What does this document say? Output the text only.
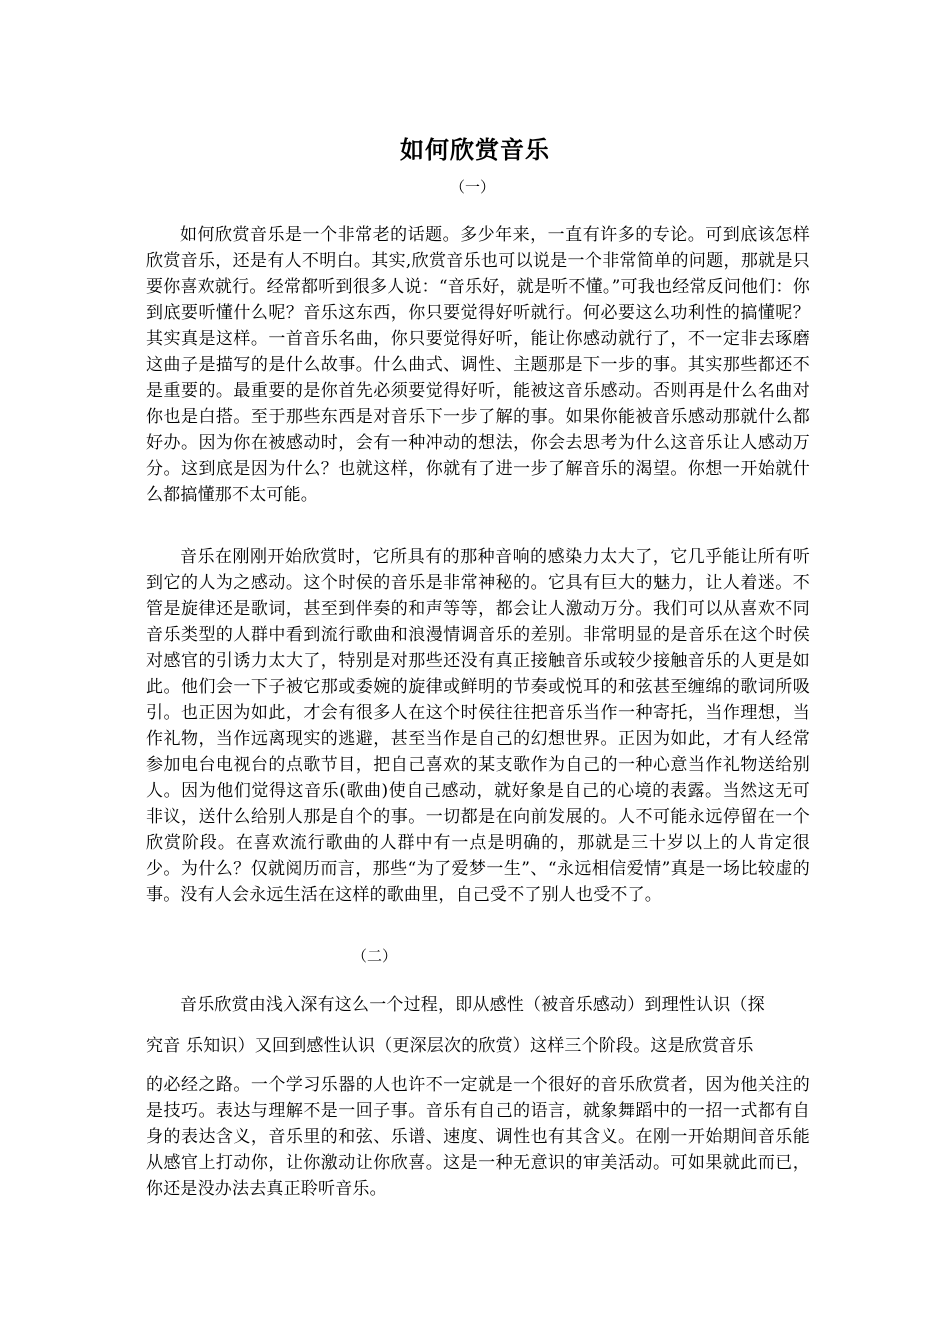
如何欣赏音乐
（一）

如何欣赏音乐是一个非常老的话题。多少年来，一直有许多的专论。可到底该怎样欣赏音乐，还是有人不明白。其实,欣赏音乐也可以说是一个非常简单的问题，那就是只要你喜欢就行。经常都听到很多人说：“音乐好，就是听不懂。”可我也经常反问他们：你到底要听懂什么呢？音乐这东西，你只要觉得好听就行。何必要这么功利性的搞懂呢？其实真是这样。一首音乐名曲，你只要觉得好听，能让你感动就行了，不一定非去琢磨这曲子是描写的是什么故事。什么曲式、调性、主题那是下一步的事。其实那些都还不是重要的。最重要的是你首先必须要觉得好听，能被这音乐感动。否则再是什么名曲对你也是白搭。至于那些东西是对音乐下一步了解的事。如果你能被音乐感动那就什么都好办。因为你在被感动时，会有一种冲动的想法，你会去思考为什么这音乐让人感动万分。这到底是因为什么？也就这样，你就有了进一步了解音乐的渴望。你想一开始就什么都搞懂那不太可能。

音乐在刚刚开始欣赏时，它所具有的那种音响的感染力太大了，它几乎能让所有听到它的人为之感动。这个时侯的音乐是非常神秘的。它具有巨大的魅力，让人着迷。不管是旋律还是歌词，甚至到伴奏的和声等等，都会让人激动万分。我们可以从喜欢不同音乐类型的人群中看到流行歌曲和浪漫情调音乐的差别。非常明显的是音乐在这个时侯对感官的引诱力太大了，特别是对那些还没有真正接触音乐或较少接触音乐的人更是如此。他们会一下子被它那或委婉的旋律或鲜明的节奏或悦耳的和弦甚至缠绵的歌词所吸引。也正因为如此，才会有很多人在这个时侯往往把音乐当作一种寄托，当作理想，当作礼物，当作远离现实的逃避，甚至当作是自己的幻想世界。正因为如此，才有人经常参加电台电视台的点歌节目，把自己喜欢的某支歌作为自己的一种心意当作礼物送给别人。因为他们觉得这音乐(歌曲)使自己感动，就好象是自己的心境的表露。当然这无可非议，送什么给别人那是自个的事。一切都是在向前发展的。人不可能永远停留在一个欣赏阶段。在喜欢流行歌曲的人群中有一点是明确的，那就是三十岁以上的人肯定很少。为什么？仅就阅历而言，那些“为了爱梦一生”、“永远相信爱情”真是一场比较虚的事。没有人会永远生活在这样的歌曲里，自己受不了别人也受不了。

（二）

音乐欣赏由浅入深有这么一个过程，即从感性（被音乐感动）到理性认识（探

究音 乐知识）又回到感性认识（更深层次的欣赏）这样三个阶段。这是欣赏音乐

的必经之路。一个学习乐器的人也许不一定就是一个很好的音乐欣赏者，因为他关注的是技巧。表达与理解不是一回子事。音乐有自己的语言，就象舞蹈中的一招一式都有自身的表达含义，音乐里的和弦、乐谱、速度、调性也有其含义。在刚一开始期间音乐能从感官上打动你，让你激动让你欣喜。这是一种无意识的审美活动。可如果就此而已，你还是没办法去真正聆听音乐。
